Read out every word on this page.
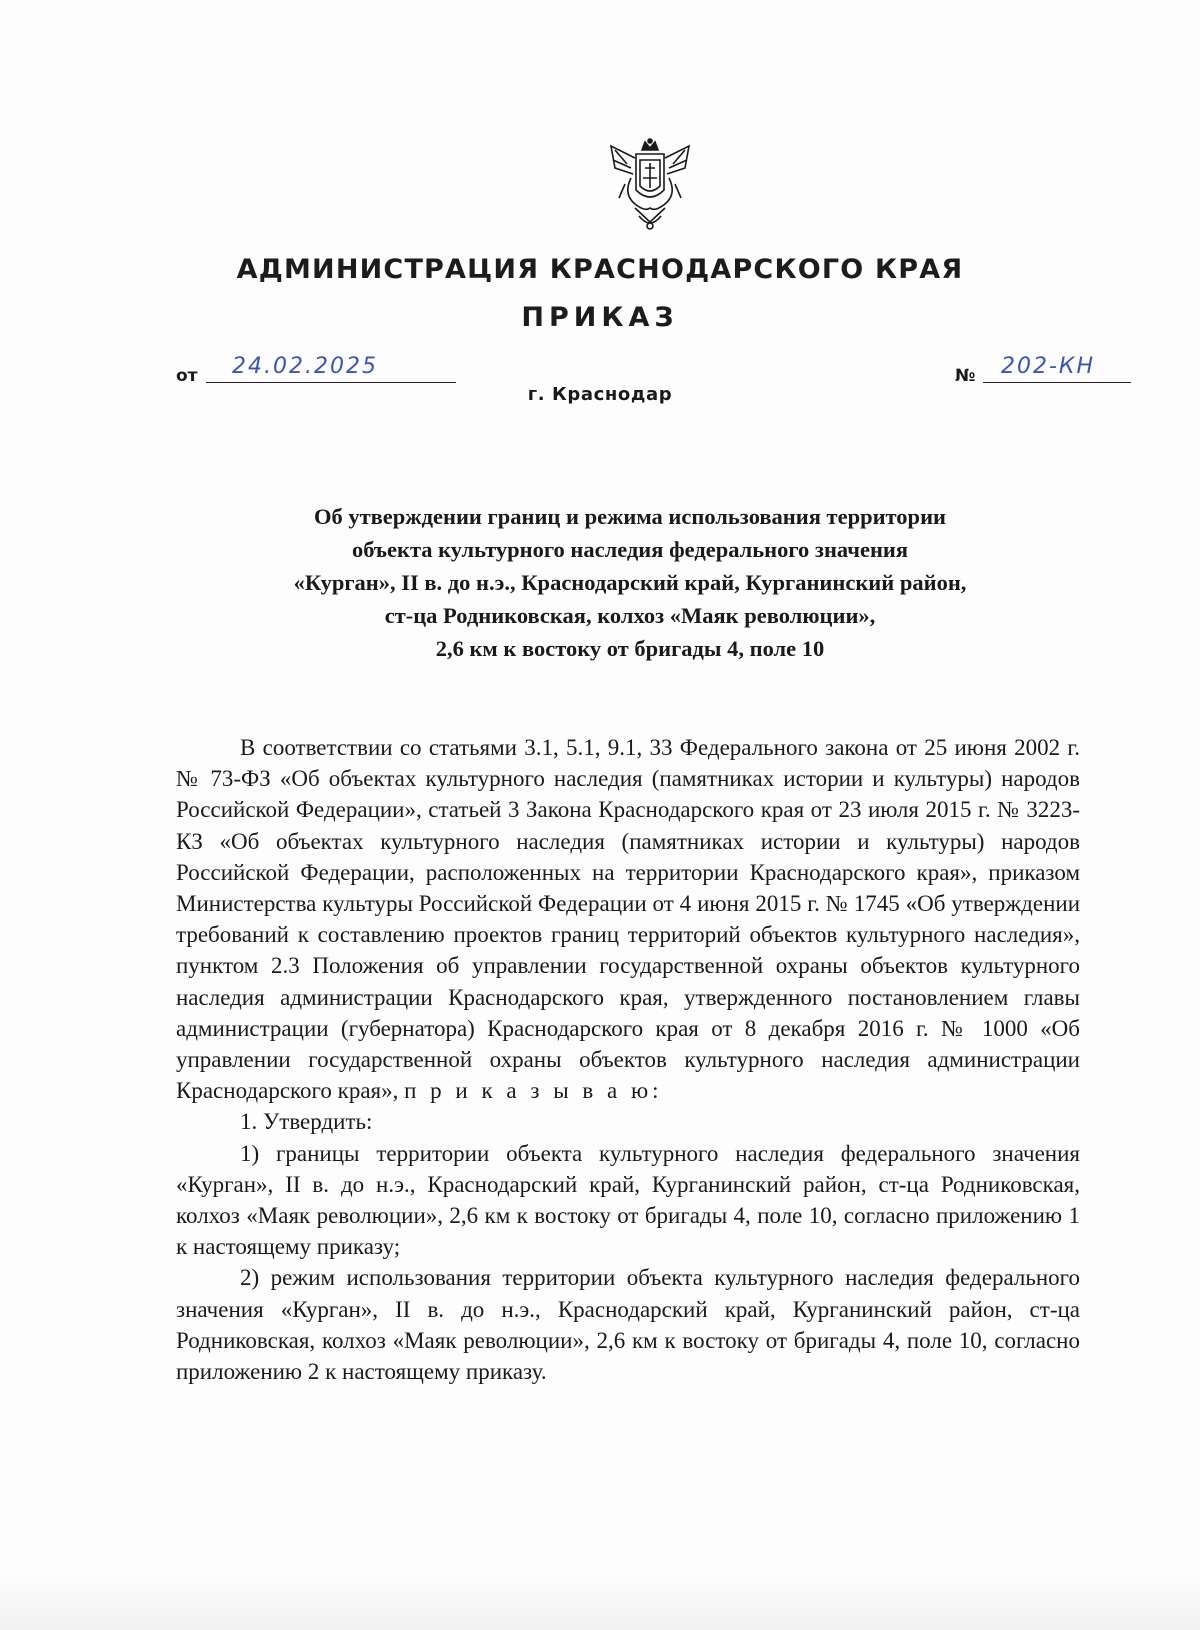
АДМИНИСТРАЦИЯ КРАСНОДАРСКОГО КРАЯ
ПРИКАЗ
от 24.02.2025	№ 202-КН
г. Краснодар
Об утверждении границ и режима использования территории
объекта культурного наследия федерального значения
«Курган», II в. до н.э., Краснодарский край, Курганинский район,
ст-ца Родниковская, колхоз «Маяк революции»,
2,6 км к востоку от бригады 4, поле 10

В соответствии со статьями 3.1, 5.1, 9.1, 33 Федерального закона от 25 июня 2002 г. № 73-ФЗ «Об объектах культурного наследия (памятниках истории и культуры) народов Российской Федерации», статьей 3 Закона Краснодарского края от 23 июля 2015 г. № 3223-КЗ «Об объектах культурного наследия (памятниках истории и культуры) народов Российской Федерации, расположенных на территории Краснодарского края», приказом Министерства культуры Российской Федерации от 4 июня 2015 г. № 1745 «Об утверждении требований к составлению проектов границ территорий объектов культурного наследия», пунктом 2.3 Положения об управлении государственной охраны объектов культурного наследия администрации Краснодарского края, утвержденного постановлением главы администрации (губернатора) Краснодарского края от 8 декабря 2016 г. № 1000 «Об управлении государственной охраны объектов культурного наследия администрации Краснодарского края», п р и к а з ы в а ю:

1. Утвердить:

1) границы территории объекта культурного наследия федерального значения «Курган», II в. до н.э., Краснодарский край, Курганинский район, ст-ца Родниковская, колхоз «Маяк революции», 2,6 км к востоку от бригады 4, поле 10, согласно приложению 1 к настоящему приказу;

2) режим использования территории объекта культурного наследия федерального значения «Курган», II в. до н.э., Краснодарский край, Курганинский район, ст-ца Родниковская, колхоз «Маяк революции», 2,6 км к востоку от бригады 4, поле 10, согласно приложению 2 к настоящему приказу.
